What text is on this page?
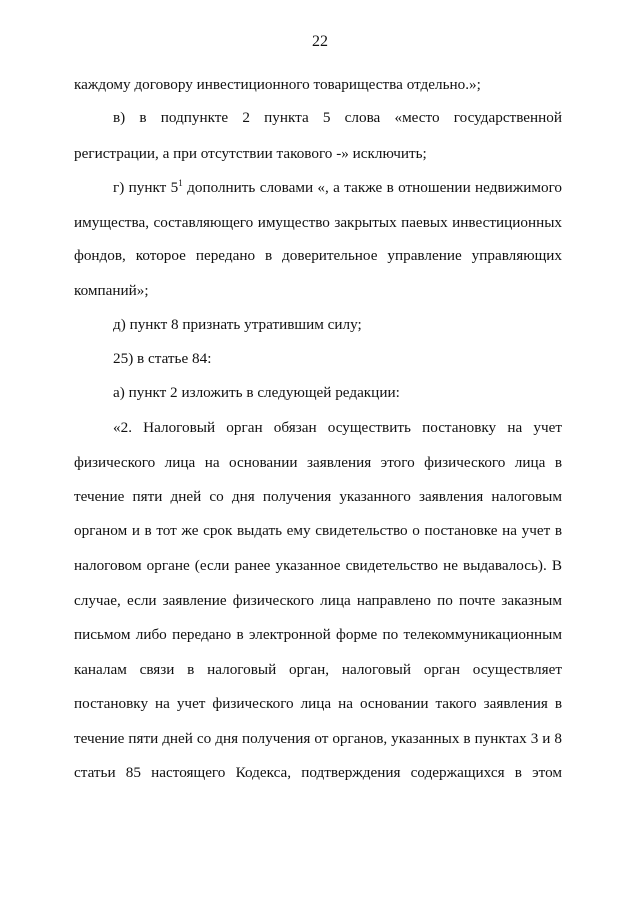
22
каждому договору инвестиционного товарищества отдельно.»;
в) в подпункте 2 пункта 5 слова «место государственной
регистрации, а при отсутствии такового -» исключить;
г) пункт $5^1$ дополнить словами «, а также в отношении недвижимого
имущества, составляющего имущество закрытых паевых инвестиционных
фондов, которое передано в доверительное управление управляющих
компаний»;
д) пункт 8 признать утратившим силу;
25) в статье 84:
а) пункт 2 изложить в следующей редакции:
«2. Налоговый орган обязан осуществить постановку на учет
физического лица на основании заявления этого физического лица в
течение пяти дней со дня получения указанного заявления налоговым
органом и в тот же срок выдать ему свидетельство о постановке на учет в
налоговом органе (если ранее указанное свидетельство не выдавалось). В
случае, если заявление физического лица направлено по почте заказным
письмом либо передано в электронной форме по телекоммуникационным
каналам связи в налоговый орган, налоговый орган осуществляет
постановку на учет физического лица на основании такого заявления в
течение пяти дней со дня получения от органов, указанных в пунктах 3 и 8
статьи 85 настоящего Кодекса, подтверждения содержащихся в этом
